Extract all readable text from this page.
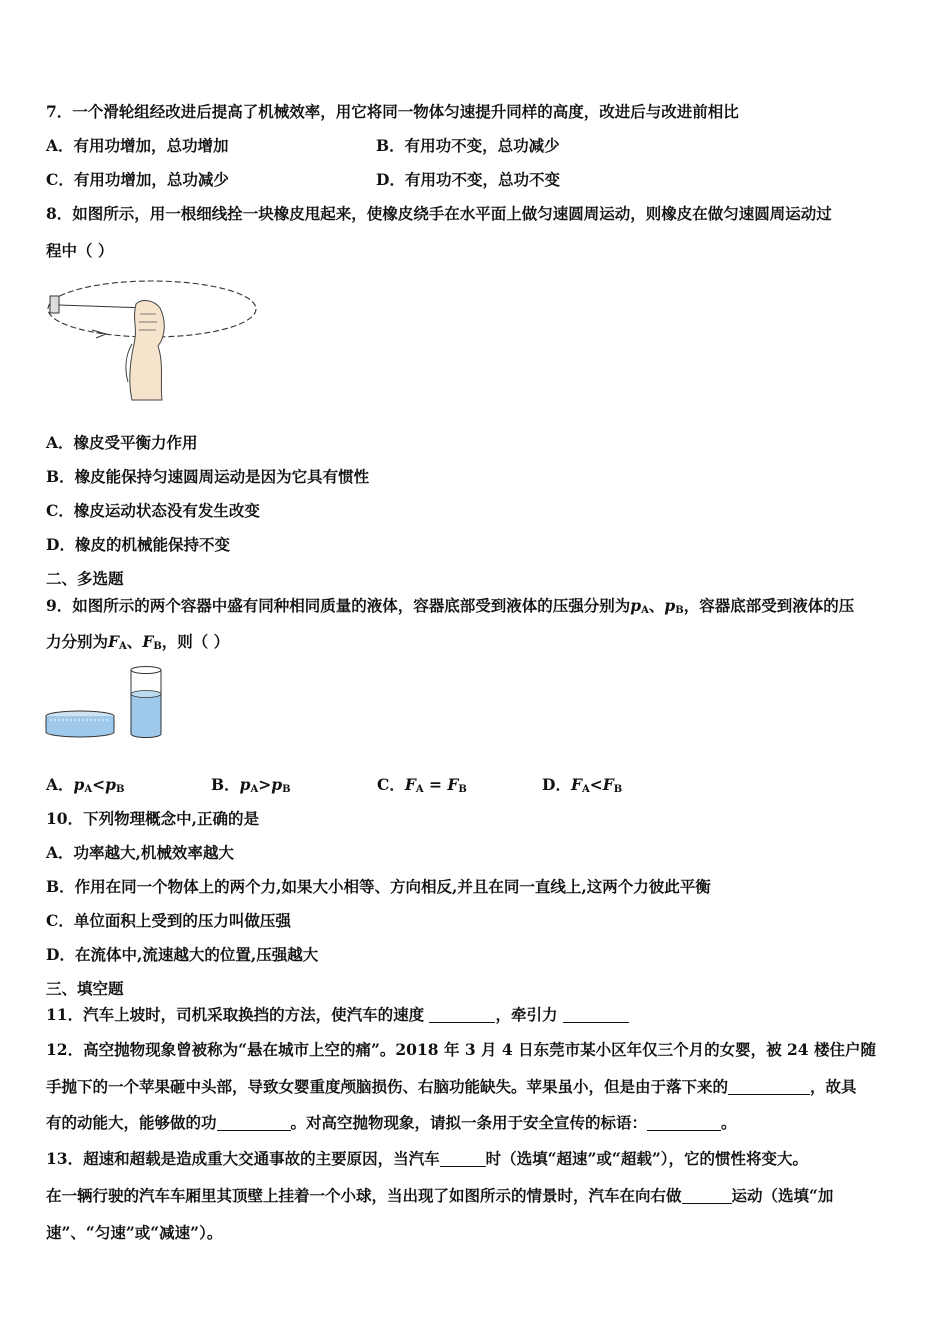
7．一个滑轮组经改进后提高了机械效率，用它将同一物体匀速提升同样的高度，改进后与改进前相比
A．有用功增加，总功增加	B．有用功不变，总功减少
C．有用功增加，总功减少	D．有用功不变，总功不变
8．如图所示，用一根细线拴一块橡皮甩起来，使橡皮绕手在水平面上做匀速圆周运动，则橡皮在做匀速圆周运动过
程中（ ）
A．橡皮受平衡力作用
B．橡皮能保持匀速圆周运动是因为它具有惯性
C．橡皮运动状态没有发生改变
D．橡皮的机械能保持不变
二、多选题
9．如图所示的两个容器中盛有同种相同质量的液体，容器底部受到液体的压强分别为$p_A$、$p_B$，容器底部受到液体的压
力分别为$F_A$、$F_B$，则（ ）
A．$p_A<p_B$	B．$p_A>p_B$	C．$F_A = F_B$	D．$F_A<F_B$
10．下列物理概念中,正确的是
A．功率越大,机械效率越大
B．作用在同一个物体上的两个力,如果大小相等、方向相反,并且在同一直线上,这两个力彼此平衡
C．单位面积上受到的压力叫做压强
D．在流体中,流速越大的位置,压强越大
三、填空题
11．汽车上坡时，司机采取换挡的方法，使汽车的速度	，牵引力
12．高空抛物现象曾被称为“悬在城市上空的痛”。2018 年 3 月 4 日东莞市某小区年仅三个月的女婴，被 24 楼住户随
手抛下的一个苹果砸中头部，导致女婴重度颅脑损伤、右脑功能缺失。苹果虽小，但是由于落下来的	，故具
有的动能大，能够做的功	。对高空抛物现象，请拟一条用于安全宣传的标语：	。
13．超速和超载是造成重大交通事故的主要原因，当汽车	时（选填“超速”或“超载”），它的惯性将变大。
在一辆行驶的汽车车厢里其顶壁上挂着一个小球，当出现了如图所示的情景时，汽车在向右做	运动（选填“加
速”、“匀速”或“减速”）。
